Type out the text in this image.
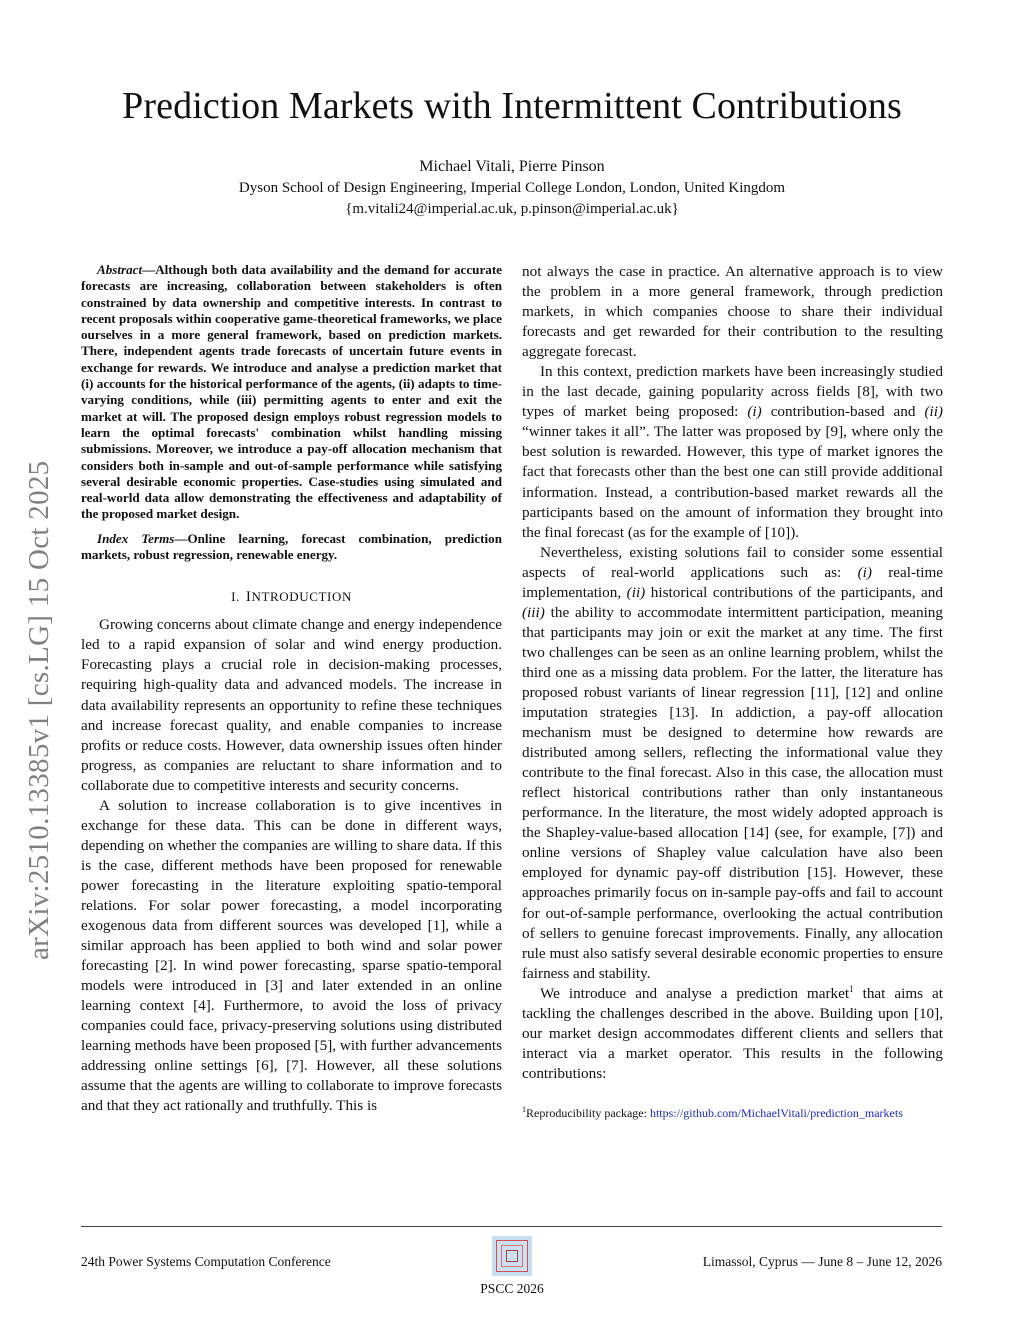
Prediction Markets with Intermittent Contributions
Michael Vitali, Pierre Pinson
Dyson School of Design Engineering, Imperial College London, London, United Kingdom
{m.vitali24@imperial.ac.uk, p.pinson@imperial.ac.uk}
arXiv:2510.13385v1 [cs.LG] 15 Oct 2025

Abstract—Although both data availability and the demand for accurate forecasts are increasing, collaboration between stakeholders is often constrained by data ownership and competitive interests. In contrast to recent proposals within cooperative game-theoretical frameworks, we place ourselves in a more general framework, based on prediction markets. There, independent agents trade forecasts of uncertain future events in exchange for rewards. We introduce and analyse a prediction market that (i) accounts for the historical performance of the agents, (ii) adapts to time-varying conditions, while (iii) permitting agents to enter and exit the market at will. The proposed design employs robust regression models to learn the optimal forecasts' combination whilst handling missing submissions. Moreover, we introduce a pay-off allocation mechanism that considers both in-sample and out-of-sample performance while satisfying several desirable economic properties. Case-studies using simulated and real-world data allow demonstrating the effectiveness and adaptability of the proposed market design.

Index Terms—Online learning, forecast combination, prediction markets, robust regression, renewable energy.

I. INTRODUCTION

Growing concerns about climate change and energy independence led to a rapid expansion of solar and wind energy production. Forecasting plays a crucial role in decision-making processes, requiring high-quality data and advanced models. The increase in data availability represents an opportunity to refine these techniques and increase forecast quality, and enable companies to increase profits or reduce costs. However, data ownership issues often hinder progress, as companies are reluctant to share information and to collaborate due to competitive interests and security concerns.

A solution to increase collaboration is to give incentives in exchange for these data. This can be done in different ways, depending on whether the companies are willing to share data. If this is the case, different methods have been proposed for renewable power forecasting in the literature exploiting spatio-temporal relations. For solar power forecasting, a model incorporating exogenous data from different sources was developed [1], while a similar approach has been applied to both wind and solar power forecasting [2]. In wind power forecasting, sparse spatio-temporal models were introduced in [3] and later extended in an online learning context [4]. Furthermore, to avoid the loss of privacy companies could face, privacy-preserving solutions using distributed learning methods have been proposed [5], with further advancements addressing online settings [6], [7]. However, all these solutions assume that the agents are willing to collaborate to improve forecasts and that they act rationally and truthfully. This is

not always the case in practice. An alternative approach is to view the problem in a more general framework, through prediction markets, in which companies choose to share their individual forecasts and get rewarded for their contribution to the resulting aggregate forecast.

In this context, prediction markets have been increasingly studied in the last decade, gaining popularity across fields [8], with two types of market being proposed: (i) contribution-based and (ii) “winner takes it all”. The latter was proposed by [9], where only the best solution is rewarded. However, this type of market ignores the fact that forecasts other than the best one can still provide additional information. Instead, a contribution-based market rewards all the participants based on the amount of information they brought into the final forecast (as for the example of [10]).

Nevertheless, existing solutions fail to consider some essential aspects of real-world applications such as: (i) real-time implementation, (ii) historical contributions of the participants, and (iii) the ability to accommodate intermittent participation, meaning that participants may join or exit the market at any time. The first two challenges can be seen as an online learning problem, whilst the third one as a missing data problem. For the latter, the literature has proposed robust variants of linear regression [11], [12] and online imputation strategies [13]. In addiction, a pay-off allocation mechanism must be designed to determine how rewards are distributed among sellers, reflecting the informational value they contribute to the final forecast. Also in this case, the allocation must reflect historical contributions rather than only instantaneous performance. In the literature, the most widely adopted approach is the Shapley-value-based allocation [14] (see, for example, [7]) and online versions of Shapley value calculation have also been employed for dynamic pay-off distribution [15]. However, these approaches primarily focus on in-sample pay-offs and fail to account for out-of-sample performance, overlooking the actual contribution of sellers to genuine forecast improvements. Finally, any allocation rule must also satisfy several desirable economic properties to ensure fairness and stability.

We introduce and analyse a prediction market$^1$ that aims at tackling the challenges described in the above. Building upon [10], our market design accommodates different clients and sellers that interact via a market operator. This results in the following contributions:

$^1$Reproducibility package: https://github.com/MichaelVitali/prediction_markets
24th Power Systems Computation Conference	Limassol, Cyprus — June 8 – June 12, 2026
PSCC 2026
